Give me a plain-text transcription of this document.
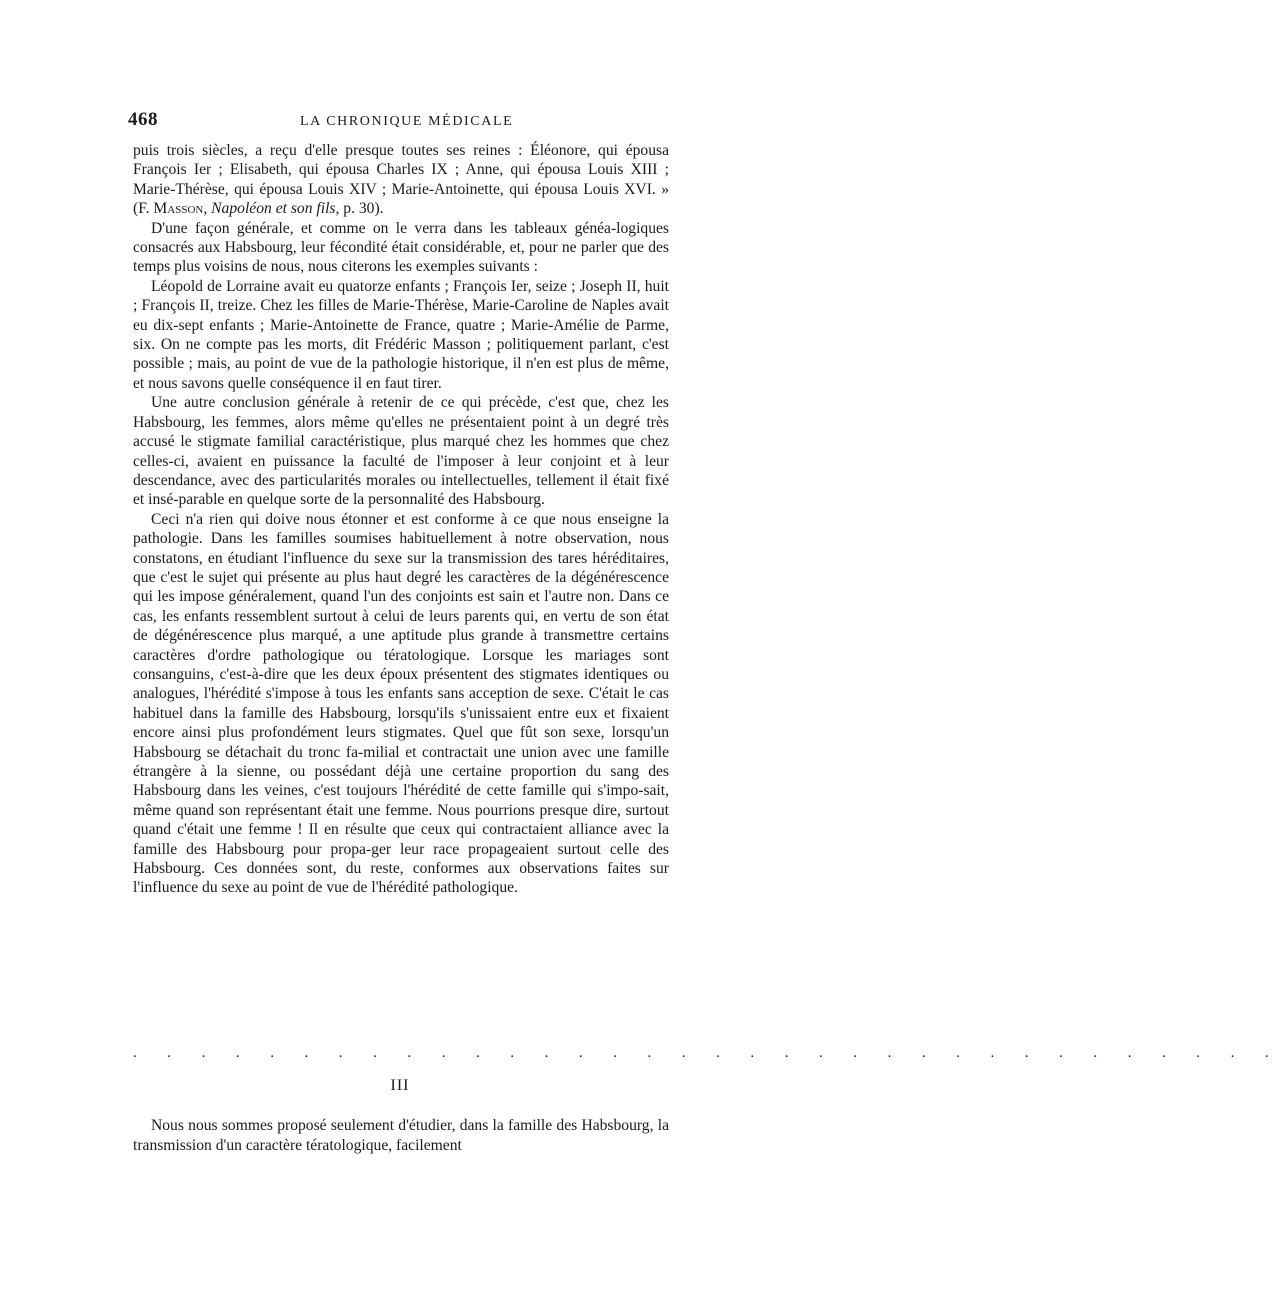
468	LA CHRONIQUE MÉDICALE

puis trois siècles, a reçu d'elle presque toutes ses reines : Éléonore, qui épousa François Ier ; Elisabeth, qui épousa Charles IX ; Anne, qui épousa Louis XIII ; Marie-Thérèse, qui épousa Louis XIV ; Marie-Antoinette, qui épousa Louis XVI. » (F. Masson, Napoléon et son fils, p. 30).

D'une façon générale, et comme on le verra dans les tableaux généa-logiques consacrés aux Habsbourg, leur fécondité était considérable, et, pour ne parler que des temps plus voisins de nous, nous citerons les exemples suivants :

Léopold de Lorraine avait eu quatorze enfants ; François Ier, seize ; Joseph II, huit ; François II, treize. Chez les filles de Marie-Thérèse, Marie-Caroline de Naples avait eu dix-sept enfants ; Marie-Antoinette de France, quatre ; Marie-Amélie de Parme, six. On ne compte pas les morts, dit Frédéric Masson ; politiquement parlant, c'est possible ; mais, au point de vue de la pathologie historique, il n'en est plus de même, et nous savons quelle conséquence il en faut tirer.

Une autre conclusion générale à retenir de ce qui précède, c'est que, chez les Habsbourg, les femmes, alors même qu'elles ne présentaient point à un degré très accusé le stigmate familial caractéristique, plus marqué chez les hommes que chez celles-ci, avaient en puissance la faculté de l'imposer à leur conjoint et à leur descendance, avec des particularités morales ou intellectuelles, tellement il était fixé et insé-parable en quelque sorte de la personnalité des Habsbourg.

Ceci n'a rien qui doive nous étonner et est conforme à ce que nous enseigne la pathologie. Dans les familles soumises habituellement à notre observation, nous constatons, en étudiant l'influence du sexe sur la transmission des tares héréditaires, que c'est le sujet qui présente au plus haut degré les caractères de la dégénérescence qui les impose généralement, quand l'un des conjoints est sain et l'autre non. Dans ce cas, les enfants ressemblent surtout à celui de leurs parents qui, en vertu de son état de dégénérescence plus marqué, a une aptitude plus grande à transmettre certains caractères d'ordre pathologique ou tératologique. Lorsque les mariages sont consanguins, c'est-à-dire que les deux époux présentent des stigmates identiques ou analogues, l'hérédité s'impose à tous les enfants sans acception de sexe. C'était le cas habituel dans la famille des Habsbourg, lorsqu'ils s'unissaient entre eux et fixaient encore ainsi plus profondément leurs stigmates. Quel que fût son sexe, lorsqu'un Habsbourg se détachait du tronc fa-milial et contractait une union avec une famille étrangère à la sienne, ou possédant déjà une certaine proportion du sang des Habsbourg dans les veines, c'est toujours l'hérédité de cette famille qui s'impo-sait, même quand son représentant était une femme. Nous pourrions presque dire, surtout quand c'était une femme ! Il en résulte que ceux qui contractaient alliance avec la famille des Habsbourg pour propa-ger leur race propageaient surtout celle des Habsbourg. Ces données sont, du reste, conformes aux observations faites sur l'influence du sexe au point de vue de l'hérédité pathologique.

. . . . . . . . . . . . . . . . . . . . . . . . . . . . . . . . . .
III

Nous nous sommes proposé seulement d'étudier, dans la famille des Habsbourg, la transmission d'un caractère tératologique, facilement
